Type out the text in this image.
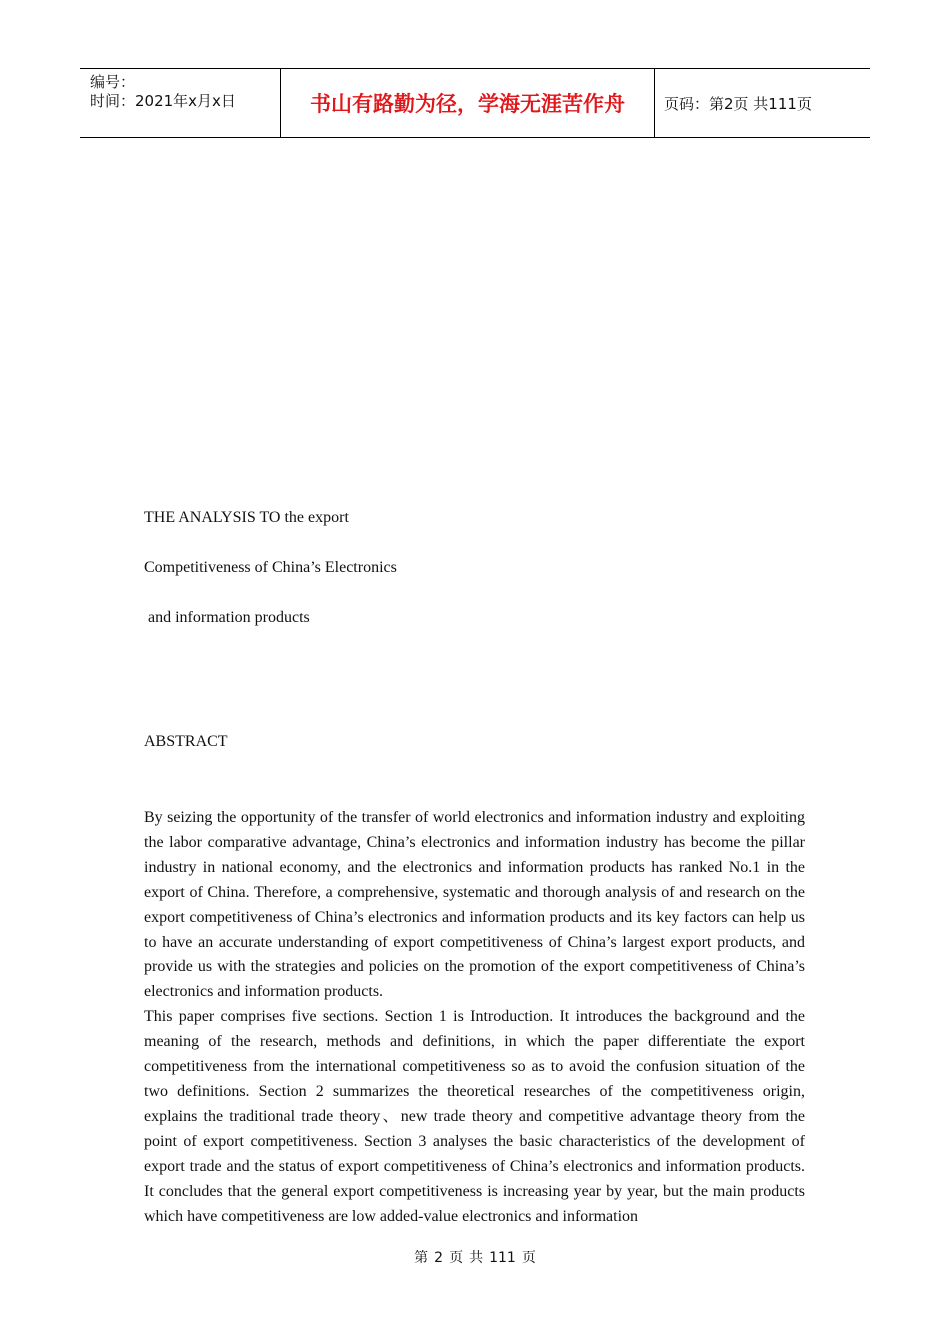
编号：
时间：2021年x月x日	书山有路勤为径，学海无涯苦作舟	页码：第2页 共111页
THE ANALYSIS TO the export
Competitiveness of China’s Electronics
and information products
ABSTRACT

By seizing the opportunity of the transfer of world electronics and information industry and exploiting the labor comparative advantage, China’s electronics and information industry has become the pillar industry in national economy, and the electronics and information products has ranked No.1 in the export of China. Therefore, a comprehensive, systematic and thorough analysis of and research on the export competitiveness of China’s electronics and information products and its key factors can help us to have an accurate understanding of export competitiveness of China’s largest export products, and provide us with the strategies and policies on the promotion of the export competitiveness of China’s electronics and information products.

This paper comprises five sections. Section 1 is Introduction. It introduces the background and the meaning of the research, methods and definitions, in which the paper differentiate the export competitiveness from the international competitiveness so as to avoid the confusion situation of the two definitions. Section 2 summarizes the theoretical researches of the competitiveness origin, explains the traditional trade theory、new trade theory and competitive advantage theory from the point of export competitiveness. Section 3 analyses the basic characteristics of the development of export trade and the status of export competitiveness of China’s electronics and information products. It concludes that the general export competitiveness is increasing year by year, but the main products which have competitiveness are low added-value electronics and information

第 2 页 共 111 页
